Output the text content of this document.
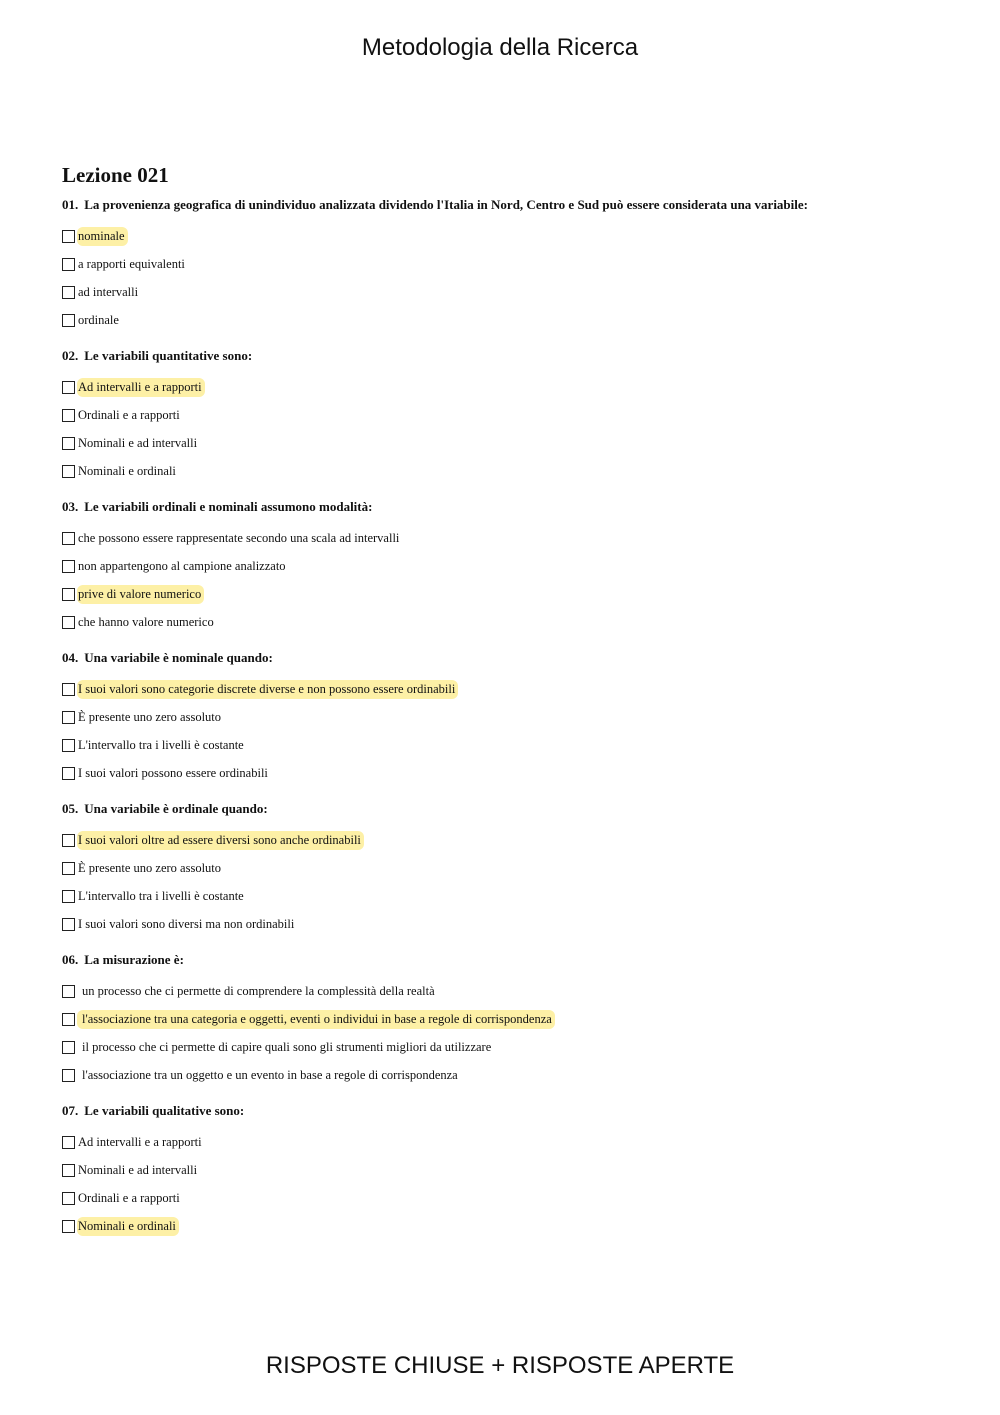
Metodologia della Ricerca
Lezione 021
01. La provenienza geografica di unindividuo analizzata dividendo l'Italia in Nord, Centro e Sud può essere considerata una variabile:
nominale
a rapporti equivalenti
ad intervalli
ordinale
02. Le variabili quantitative sono:
Ad intervalli e a rapporti
Ordinali e a rapporti
Nominali e ad intervalli
Nominali e ordinali
03. Le variabili ordinali e nominali assumono modalità:
che possono essere rappresentate secondo una scala ad intervalli
non appartengono al campione analizzato
prive di valore numerico
che hanno valore numerico
04. Una variabile è nominale quando:
I suoi valori sono categorie discrete diverse e non possono essere ordinabili
È presente uno zero assoluto
L'intervallo tra i livelli è costante
I suoi valori possono essere ordinabili
05. Una variabile è ordinale quando:
I suoi valori oltre ad essere diversi sono anche ordinabili
È presente uno zero assoluto
L'intervallo tra i livelli è costante
I suoi valori sono diversi ma non ordinabili
06. La misurazione è:
un processo che ci permette di comprendere la complessità della realtà
l'associazione tra una categoria e oggetti, eventi o individui in base a regole di corrispondenza
il processo che ci permette di capire quali sono gli strumenti migliori da utilizzare
l'associazione tra un oggetto e un evento in base a regole di corrispondenza
07. Le variabili qualitative sono:
Ad intervalli e a rapporti
Nominali e ad intervalli
Ordinali e a rapporti
Nominali e ordinali
RISPOSTE CHIUSE + RISPOSTE APERTE
